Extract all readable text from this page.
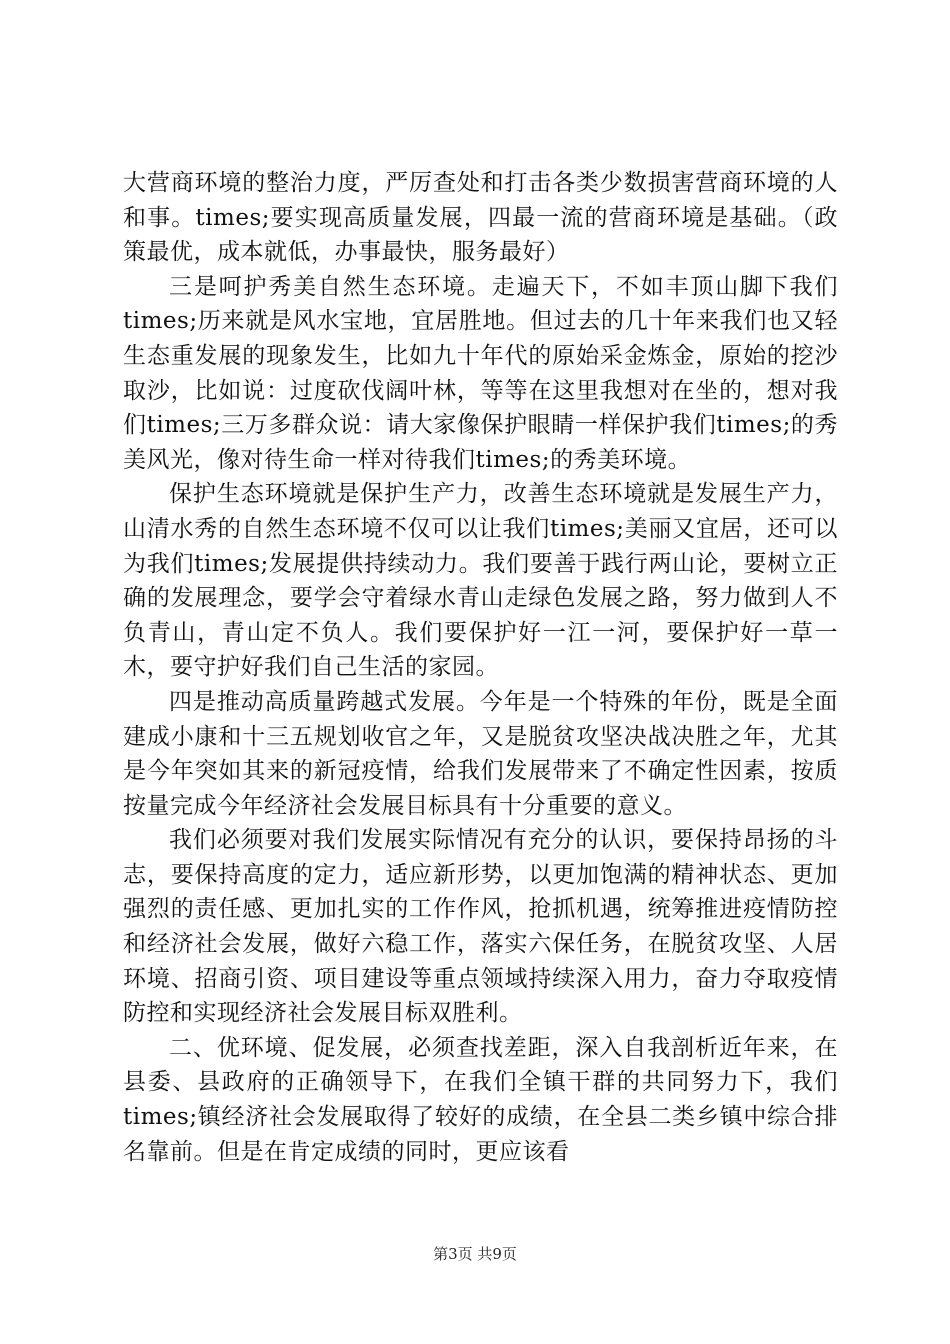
大营商环境的整治力度，严厉查处和打击各类少数损害营商环境的人和事。times;要实现高质量发展，四最一流的营商环境是基础。（政策最优，成本就低，办事最快，服务最好）

三是呵护秀美自然生态环境。走遍天下，不如丰顶山脚下我们times;历来就是风水宝地，宜居胜地。但过去的几十年来我们也又轻生态重发展的现象发生，比如九十年代的原始采金炼金，原始的挖沙取沙，比如说：过度砍伐阔叶林，等等在这里我想对在坐的，想对我们times;三万多群众说：请大家像保护眼睛一样保护我们times;的秀美风光，像对待生命一样对待我们times;的秀美环境。

保护生态环境就是保护生产力，改善生态环境就是发展生产力，山清水秀的自然生态环境不仅可以让我们times;美丽又宜居，还可以为我们times;发展提供持续动力。我们要善于践行两山论，要树立正确的发展理念，要学会守着绿水青山走绿色发展之路，努力做到人不负青山，青山定不负人。我们要保护好一江一河，要保护好一草一木，要守护好我们自己生活的家园。

四是推动高质量跨越式发展。今年是一个特殊的年份，既是全面建成小康和十三五规划收官之年，又是脱贫攻坚决战决胜之年，尤其是今年突如其来的新冠疫情，给我们发展带来了不确定性因素，按质按量完成今年经济社会发展目标具有十分重要的意义。

我们必须要对我们发展实际情况有充分的认识，要保持昂扬的斗志，要保持高度的定力，适应新形势，以更加饱满的精神状态、更加强烈的责任感、更加扎实的工作作风，抢抓机遇，统筹推进疫情防控和经济社会发展，做好六稳工作，落实六保任务，在脱贫攻坚、人居环境、招商引资、项目建设等重点领域持续深入用力，奋力夺取疫情防控和实现经济社会发展目标双胜利。

二、优环境、促发展，必须查找差距，深入自我剖析近年来，在县委、县政府的正确领导下，在我们全镇干群的共同努力下，我们times;镇经济社会发展取得了较好的成绩，在全县二类乡镇中综合排名靠前。但是在肯定成绩的同时，更应该看

第3页 共9页
